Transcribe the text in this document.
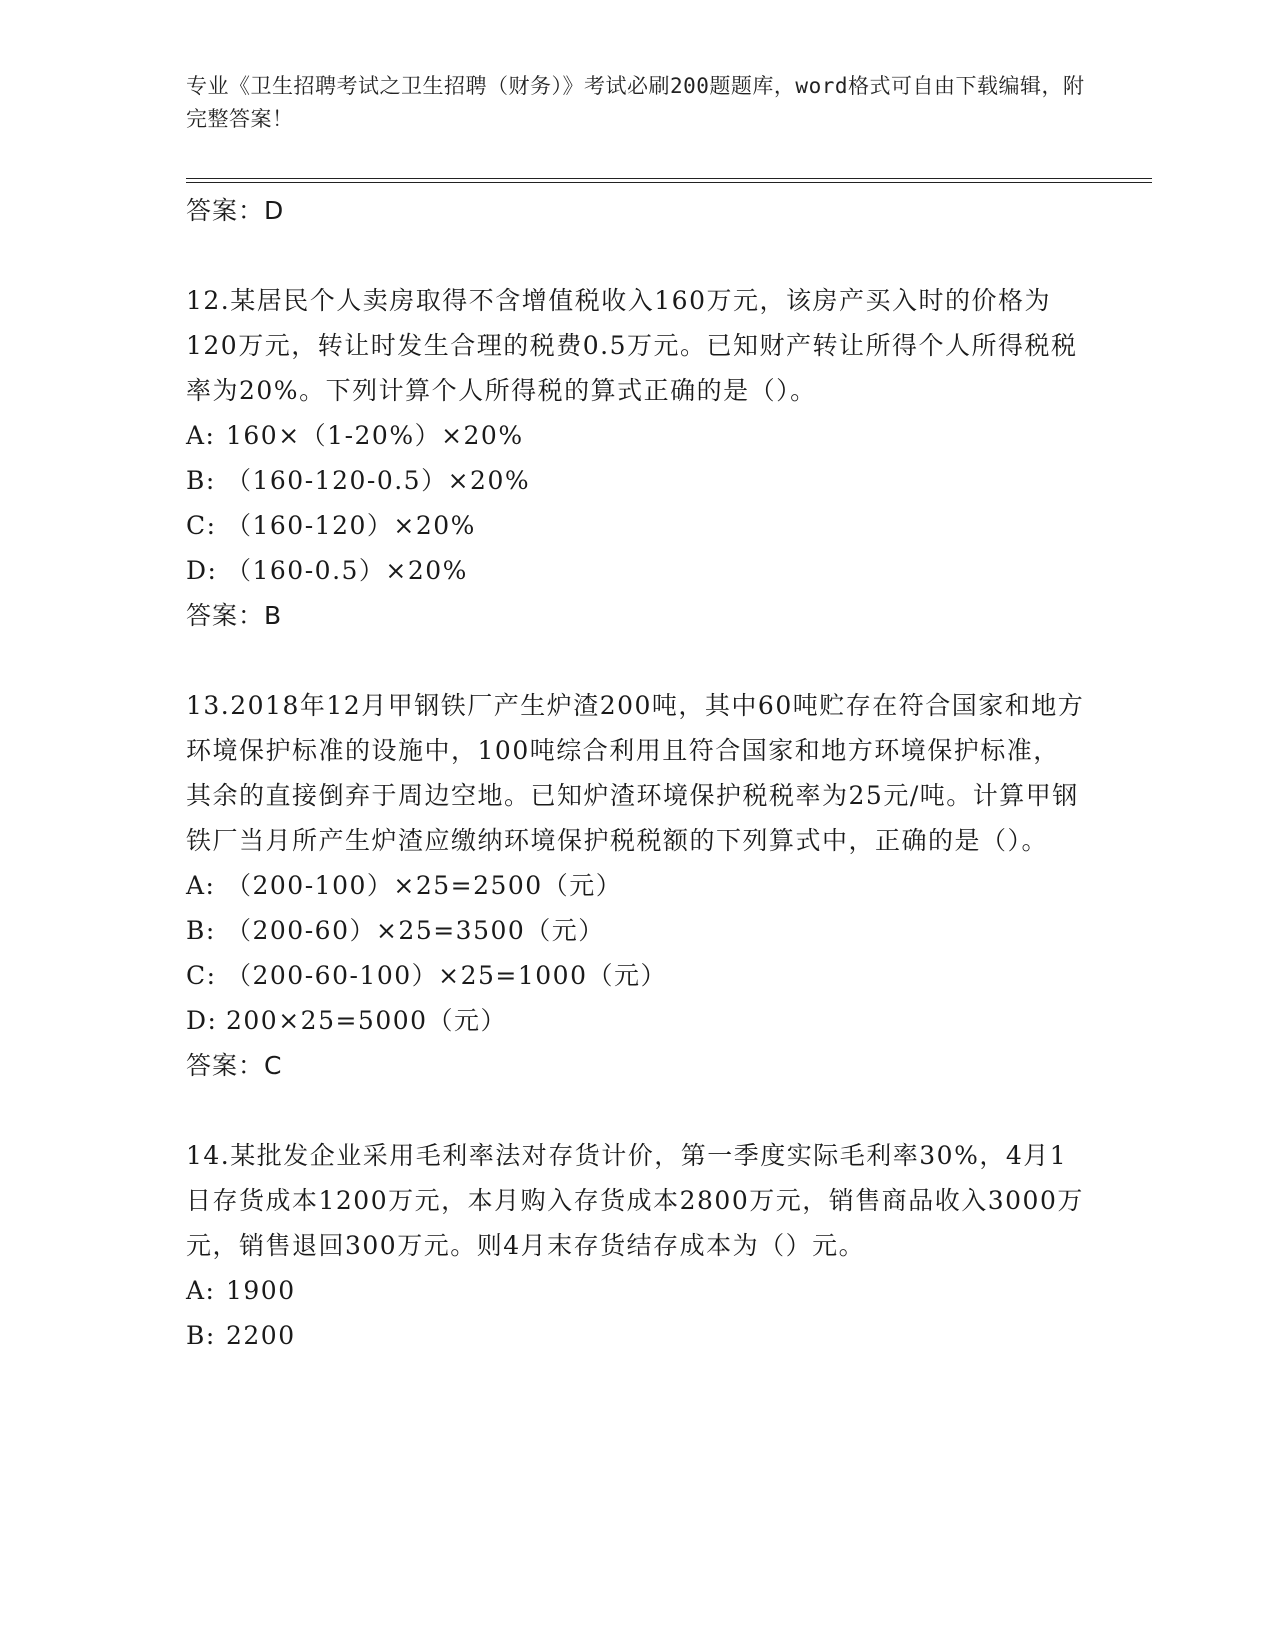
专业《卫生招聘考试之卫生招聘（财务）》考试必刷200题题库，word格式可自由下载编辑，附完整答案！
答案：D

12.某居民个人卖房取得不含增值税收入160万元，该房产买入时的价格为120万元，转让时发生合理的税费0.5万元。已知财产转让所得个人所得税税率为20%。下列计算个人所得税的算式正确的是（）。

A: 160×（1-20%）×20%
B: （160-120-0.5）×20%
C: （160-120）×20%
D: （160-0.5）×20%
答案：B

13.2018年12月甲钢铁厂产生炉渣200吨，其中60吨贮存在符合国家和地方环境保护标准的设施中，100吨综合利用且符合国家和地方环境保护标准，其余的直接倒弃于周边空地。已知炉渣环境保护税税率为25元/吨。计算甲钢铁厂当月所产生炉渣应缴纳环境保护税税额的下列算式中，正确的是（）。

A: （200-100）×25=2500（元）
B: （200-60）×25=3500（元）
C: （200-60-100）×25=1000（元）
D: 200×25=5000（元）
答案：C

14.某批发企业采用毛利率法对存货计价，第一季度实际毛利率30%，4月1日存货成本1200万元，本月购入存货成本2800万元，销售商品收入3000万元，销售退回300万元。则4月末存货结存成本为（）元。

A: 1900
B: 2200
